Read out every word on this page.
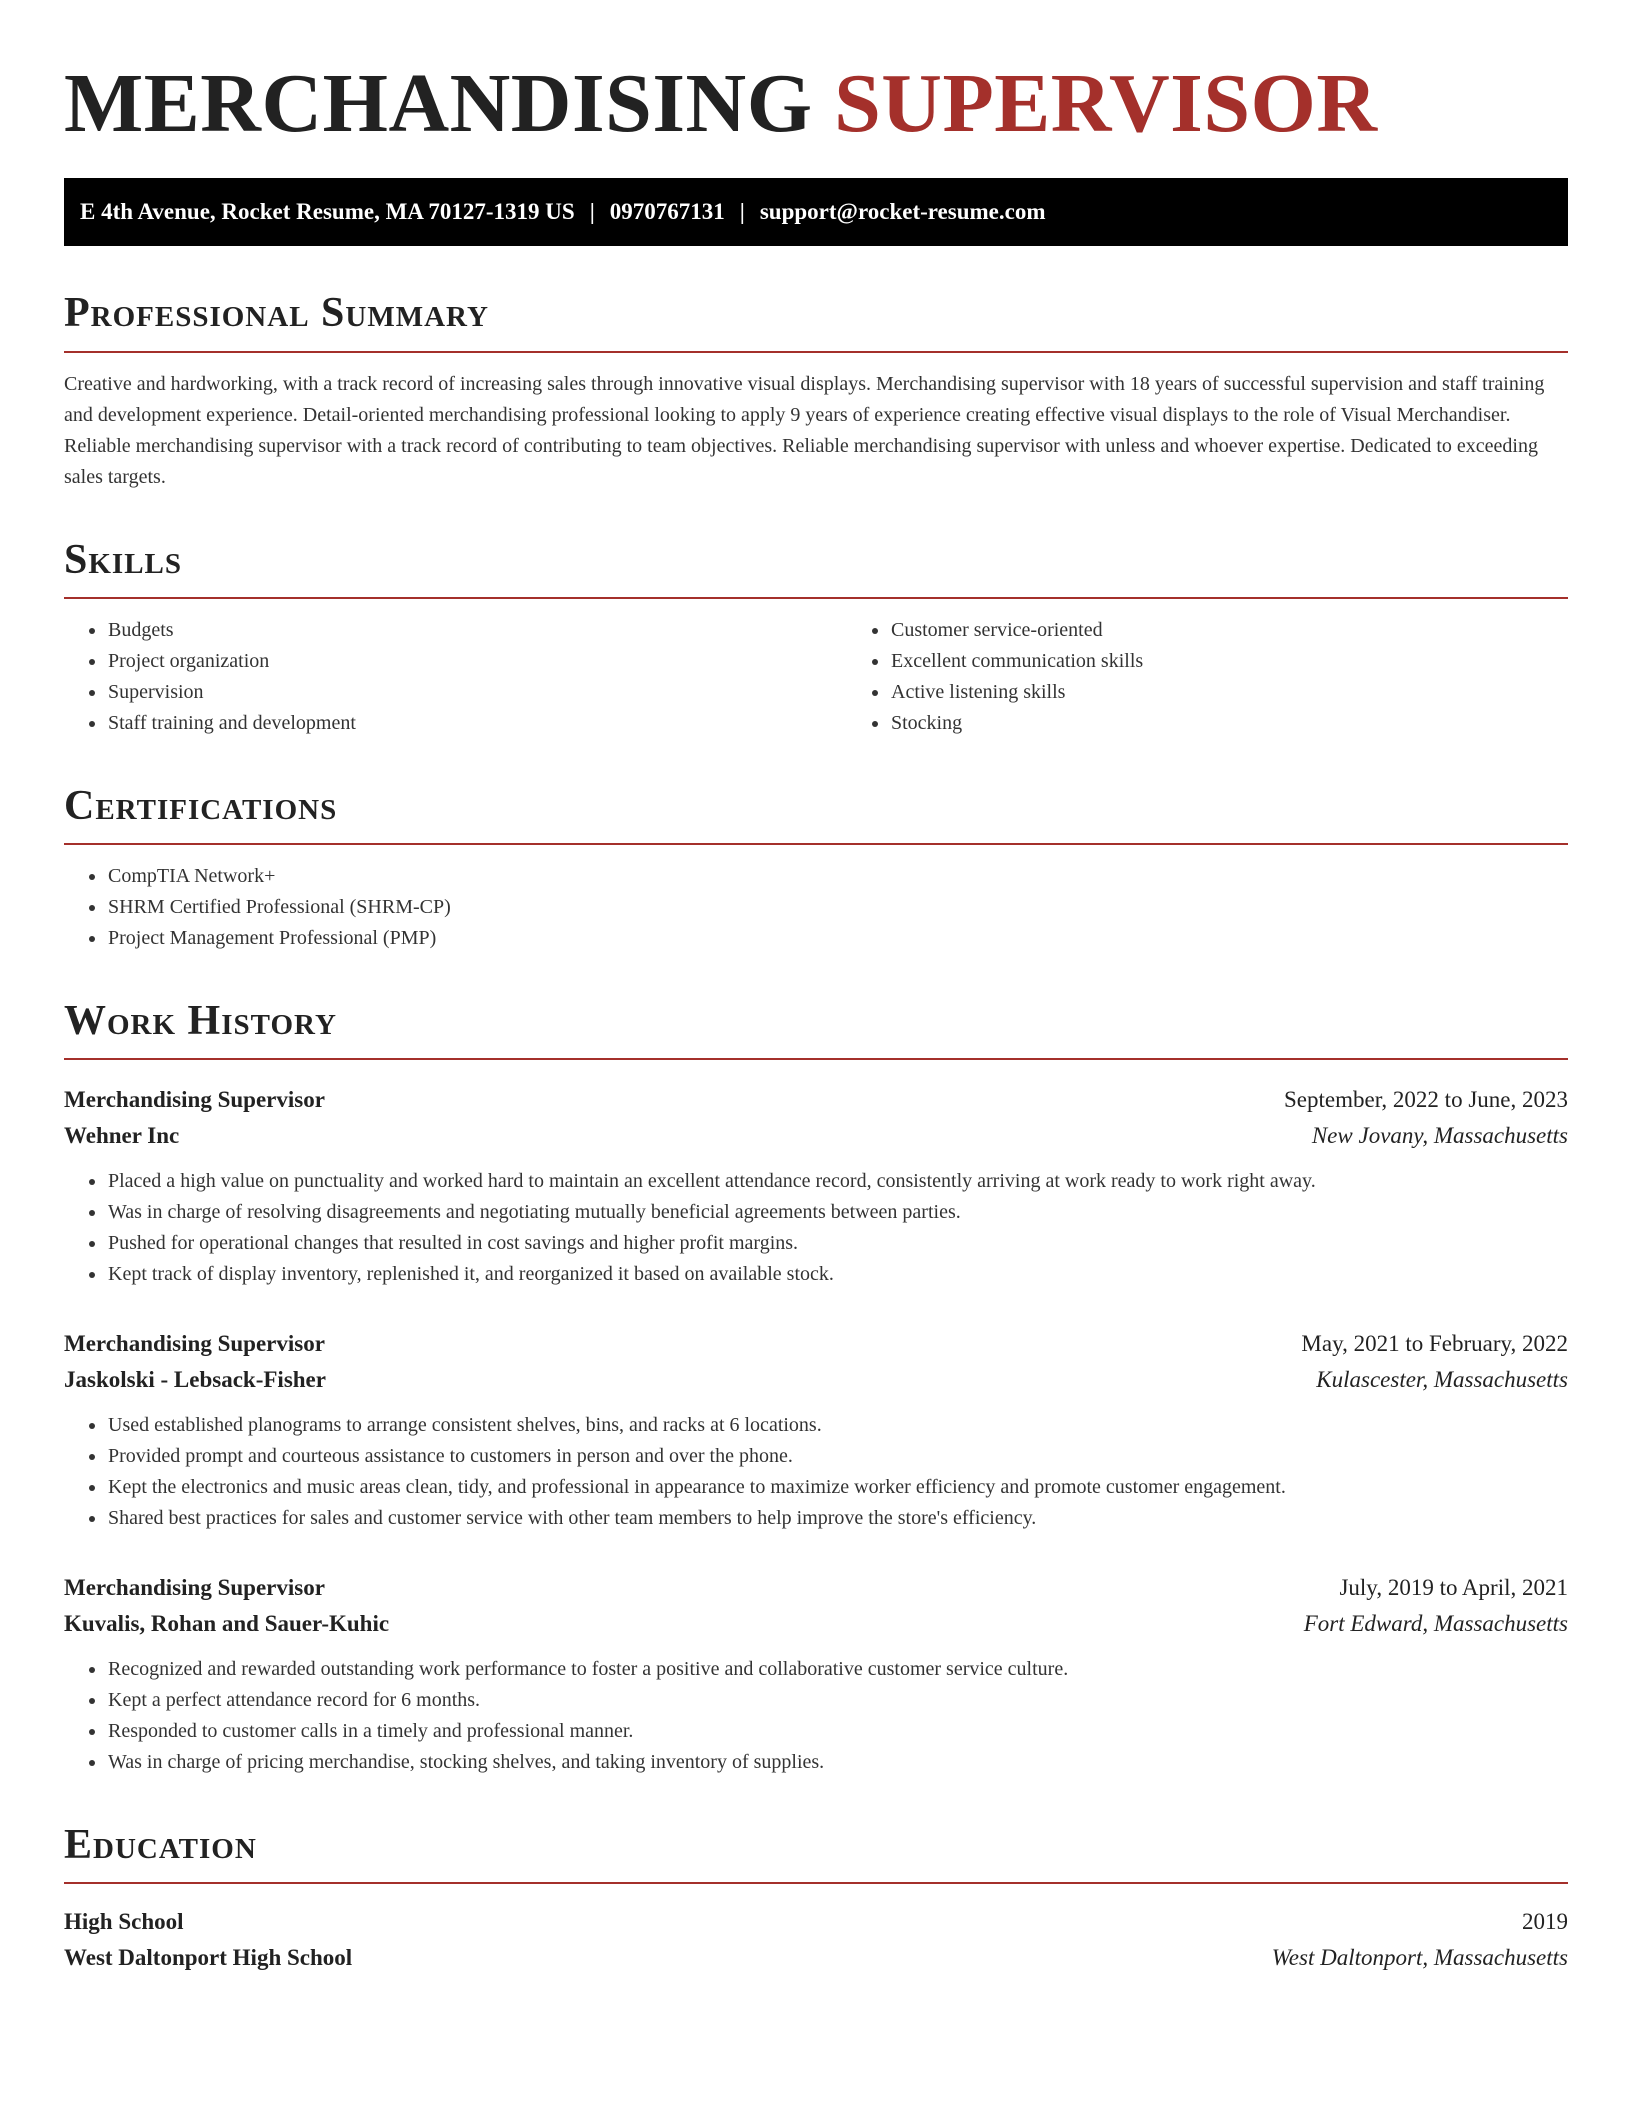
MERCHANDISING SUPERVISOR
E 4th Avenue, Rocket Resume, MA 70127-1319 US | 0970767131 | support@rocket-resume.com
Professional Summary

Creative and hardworking, with a track record of increasing sales through innovative visual displays. Merchandising supervisor with 18 years of successful supervision and staff training and development experience. Detail-oriented merchandising professional looking to apply 9 years of experience creating effective visual displays to the role of Visual Merchandiser. Reliable merchandising supervisor with a track record of contributing to team objectives. Reliable merchandising supervisor with unless and whoever expertise. Dedicated to exceeding sales targets.

Skills
• Budgets
• Project organization
• Supervision
• Staff training and development
• Customer service-oriented
• Excellent communication skills
• Active listening skills
• Stocking
Certifications
• CompTIA Network+
• SHRM Certified Professional (SHRM-CP)
• Project Management Professional (PMP)
Work History
Merchandising Supervisor	September, 2022 to June, 2023
Wehner Inc	New Jovany, Massachusetts
• Placed a high value on punctuality and worked hard to maintain an excellent attendance record, consistently arriving at work ready to work right away.
• Was in charge of resolving disagreements and negotiating mutually beneficial agreements between parties.
• Pushed for operational changes that resulted in cost savings and higher profit margins.
• Kept track of display inventory, replenished it, and reorganized it based on available stock.
Merchandising Supervisor	May, 2021 to February, 2022
Jaskolski - Lebsack-Fisher	Kulascester, Massachusetts
• Used established planograms to arrange consistent shelves, bins, and racks at 6 locations.
• Provided prompt and courteous assistance to customers in person and over the phone.
• Kept the electronics and music areas clean, tidy, and professional in appearance to maximize worker efficiency and promote customer engagement.
• Shared best practices for sales and customer service with other team members to help improve the store's efficiency.
Merchandising Supervisor	July, 2019 to April, 2021
Kuvalis, Rohan and Sauer-Kuhic	Fort Edward, Massachusetts
• Recognized and rewarded outstanding work performance to foster a positive and collaborative customer service culture.
• Kept a perfect attendance record for 6 months.
• Responded to customer calls in a timely and professional manner.
• Was in charge of pricing merchandise, stocking shelves, and taking inventory of supplies.
Education
High School	2019
West Daltonport High School	West Daltonport, Massachusetts
